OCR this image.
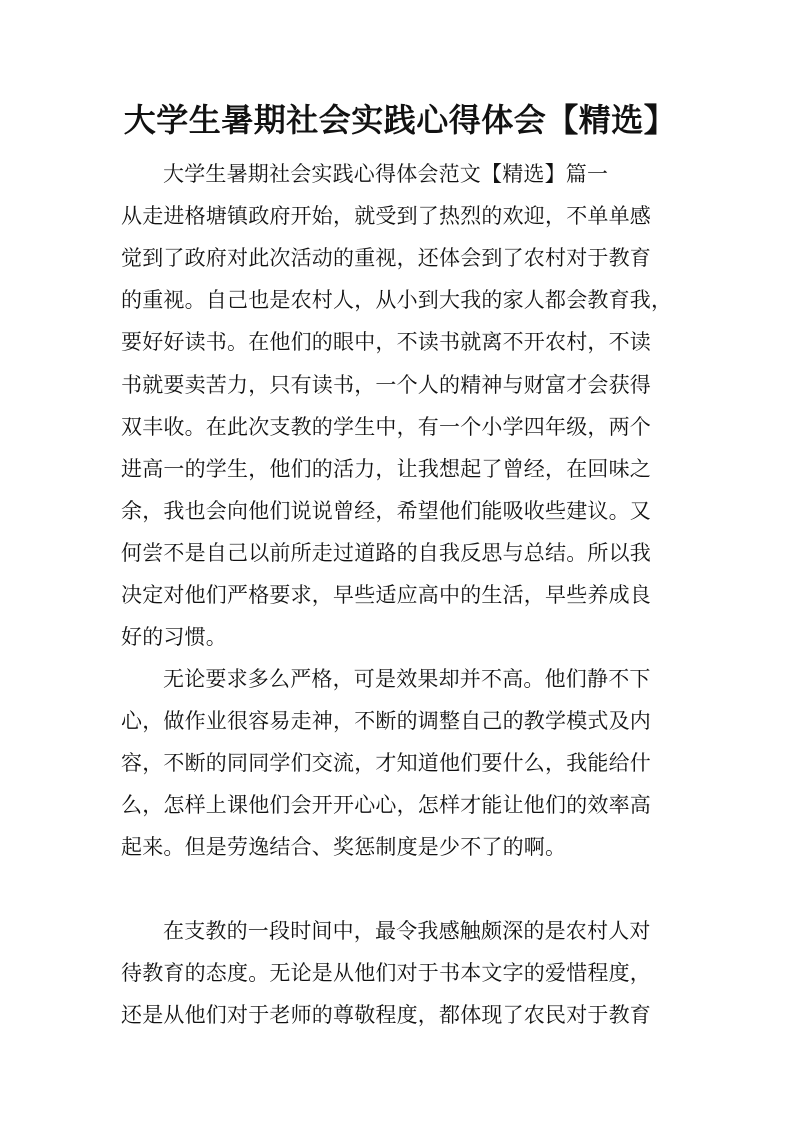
大学生暑期社会实践心得体会【精选】
大学生暑期社会实践心得体会范文【精选】篇一
从走进格塘镇政府开始，就受到了热烈的欢迎，不单单感
觉到了政府对此次活动的重视，还体会到了农村对于教育
的重视。自己也是农村人，从小到大我的家人都会教育我，
要好好读书。在他们的眼中，不读书就离不开农村，不读
书就要卖苦力，只有读书，一个人的精神与财富才会获得
双丰收。在此次支教的学生中，有一个小学四年级，两个
进高一的学生，他们的活力，让我想起了曾经，在回味之
余，我也会向他们说说曾经，希望他们能吸收些建议。又
何尝不是自己以前所走过道路的自我反思与总结。所以我
决定对他们严格要求，早些适应高中的生活，早些养成良
好的习惯。
无论要求多么严格，可是效果却并不高。他们静不下
心，做作业很容易走神，不断的调整自己的教学模式及内
容，不断的同同学们交流，才知道他们要什么，我能给什
么，怎样上课他们会开开心心，怎样才能让他们的效率高
起来。但是劳逸结合、奖惩制度是少不了的啊。
在支教的一段时间中，最令我感触颇深的是农村人对
待教育的态度。无论是从他们对于书本文字的爱惜程度，
还是从他们对于老师的尊敬程度，都体现了农民对于教育
